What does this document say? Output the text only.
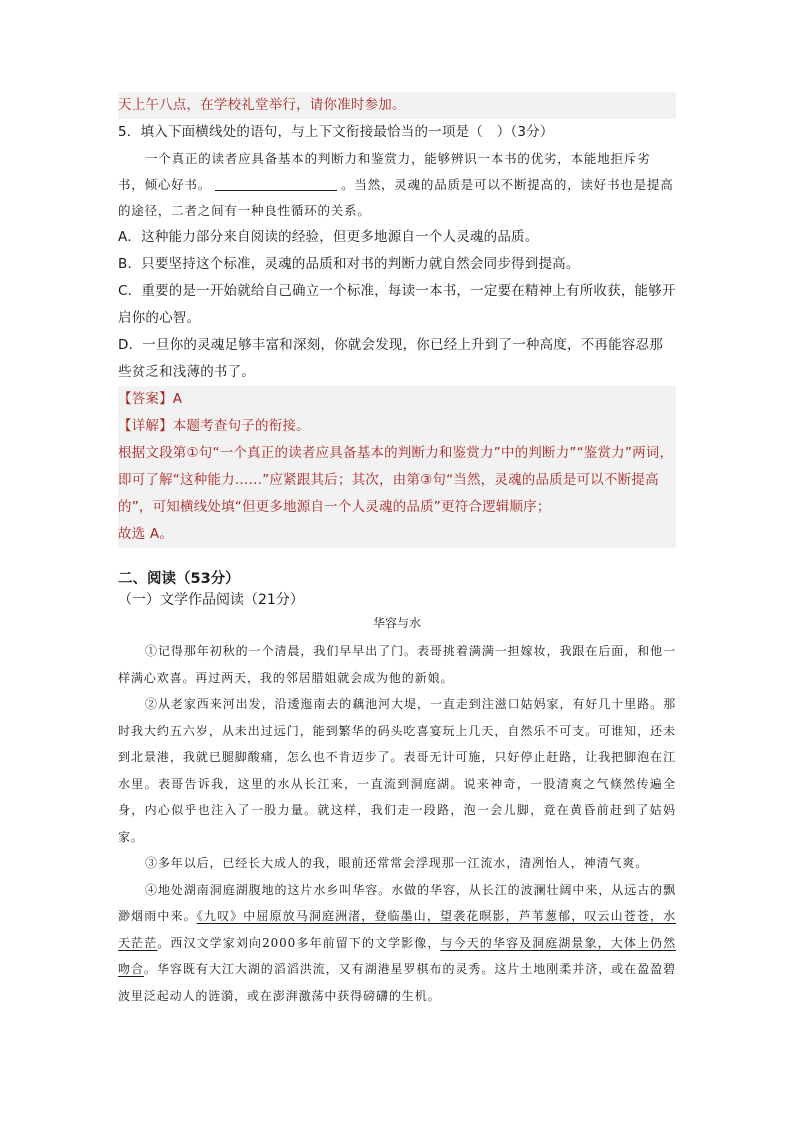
天上午八点，在学校礼堂举行，请你准时参加。
5．填入下面横线处的语句，与上下文衔接最恰当的一项是（　）（3分）

一个真正的读者应具备基本的判断力和鉴赏力，能够辨识一本书的优劣，本能地拒斥劣书，倾心好书。	。当然，灵魂的品质是可以不断提高的，读好书也是提高的途径，二者之间有一种良性循环的关系。

A．这种能力部分来自阅读的经验，但更多地源自一个人灵魂的品质。
B．只要坚持这个标准，灵魂的品质和对书的判断力就自然会同步得到提高。
C．重要的是一开始就给自己确立一个标准，每读一本书，一定要在精神上有所收获，能够开启你的心智。
D．一旦你的灵魂足够丰富和深刻，你就会发现，你已经上升到了一种高度，不再能容忍那些贫乏和浅薄的书了。
【答案】A
【详解】本题考查句子的衔接。
根据文段第①句“一个真正的读者应具备基本的判断力和鉴赏力”中的判断力”“鉴赏力”两词，即可了解“这种能力……”应紧跟其后；其次，由第③句“当然，灵魂的品质是可以不断提高的”，可知横线处填“但更多地源自一个人灵魂的品质”更符合逻辑顺序；
故选 A。
二、阅读（53分）
（一）文学作品阅读（21分）
华容与水

①记得那年初秋的一个清晨，我们早早出了门。表哥挑着满满一担嫁妆，我跟在后面，和他一样满心欢喜。再过两天，我的邻居腊姐就会成为他的新娘。

②从老家西来河出发，沿逶迤南去的藕池河大堤，一直走到注滋口姑妈家，有好几十里路。那时我大约五六岁，从未出过远门，能到繁华的码头吃喜宴玩上几天，自然乐不可支。可谁知，还未到北景港，我就已腿脚酸痛，怎么也不肯迈步了。表哥无计可施，只好停止赶路，让我把脚泡在江水里。表哥告诉我，这里的水从长江来，一直流到洞庭湖。说来神奇，一股清爽之气倏然传遍全身，内心似乎也注入了一股力量。就这样，我们走一段路，泡一会儿脚，竟在黄昏前赶到了姑妈家。

③多年以后，已经长大成人的我，眼前还常常会浮现那一江流水，清冽怡人，神清气爽。

④地处湖南洞庭湖腹地的这片水乡叫华容。水做的华容，从长江的波澜壮阔中来，从远古的飘渺烟雨中来。《九叹》中屈原放马洞庭洲渚，登临墨山，望袭花暝影，芦苇葱郁，叹云山苍苍，水天茫茫。西汉文学家刘向2000多年前留下的文学影像，与今天的华容及洞庭湖景象，大体上仍然吻合。华容既有大江大湖的滔滔洪流，又有湖港星罗棋布的灵秀。这片土地刚柔并济，或在盈盈碧波里泛起动人的涟漪，或在澎湃激荡中获得磅礴的生机。
